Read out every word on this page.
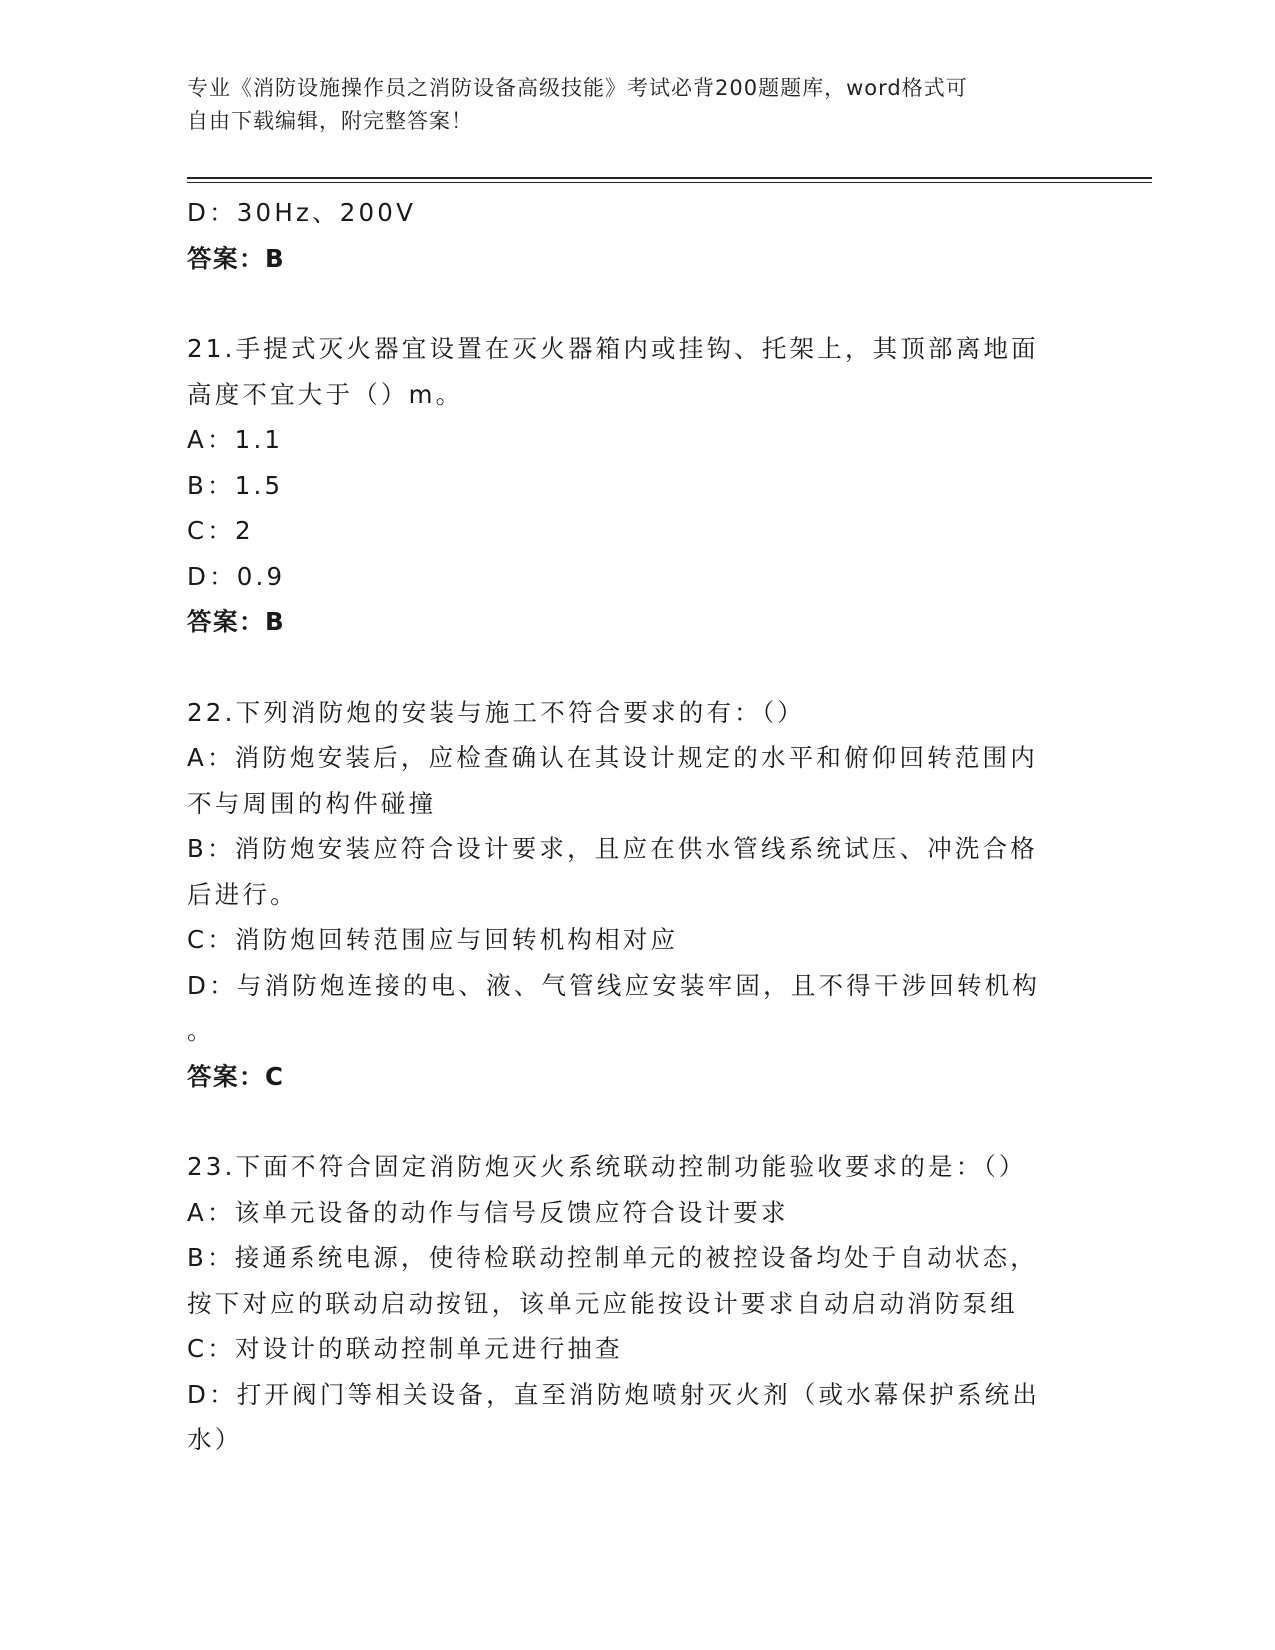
专业《消防设施操作员之消防设备高级技能》考试必背200题题库，word格式可
自由下载编辑，附完整答案！
D：30Hz、200V
答案：B
21.手提式灭火器宜设置在灭火器箱内或挂钩、托架上，其顶部离地面
高度不宜大于（）m。
A：1.1
B：1.5
C：2
D：0.9
答案：B
22.下列消防炮的安装与施工不符合要求的有：（）
A：消防炮安装后，应检查确认在其设计规定的水平和俯仰回转范围内
不与周围的构件碰撞
B：消防炮安装应符合设计要求，且应在供水管线系统试压、冲洗合格
后进行。
C：消防炮回转范围应与回转机构相对应
D：与消防炮连接的电、液、气管线应安装牢固，且不得干涉回转机构
。
答案：C
23.下面不符合固定消防炮灭火系统联动控制功能验收要求的是：（）
A：该单元设备的动作与信号反馈应符合设计要求
B：接通系统电源，使待检联动控制单元的被控设备均处于自动状态，
按下对应的联动启动按钮，该单元应能按设计要求自动启动消防泵组
C：对设计的联动控制单元进行抽查
D：打开阀门等相关设备，直至消防炮喷射灭火剂（或水幕保护系统出
水）
